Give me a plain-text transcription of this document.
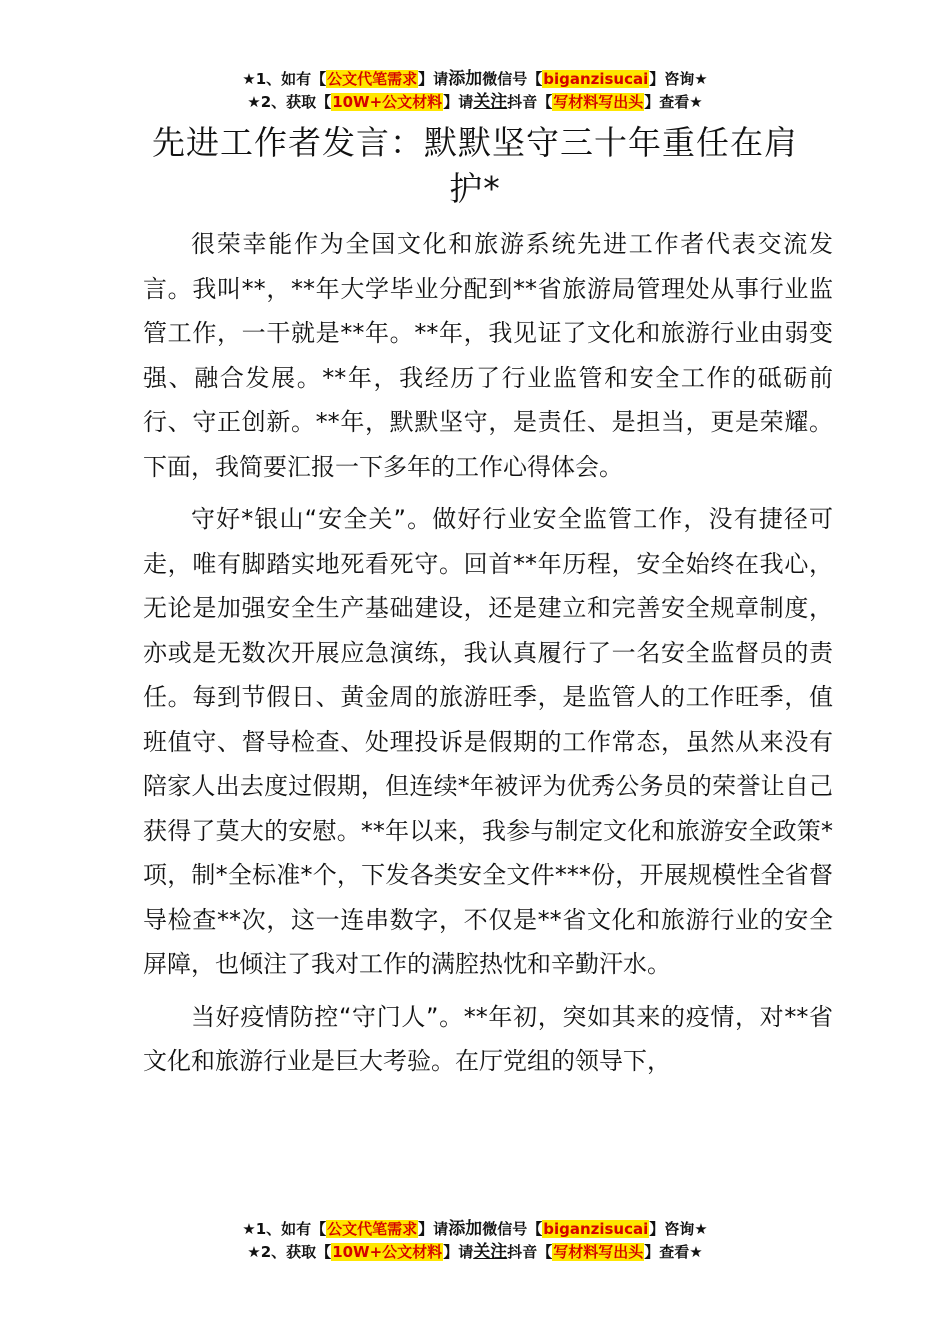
★1、如有【公文代笔需求】请添加微信号【biganzisucai】咨询★
★2、获取【10W+公文材料】请关注抖音【写材料写出头】查看★
先进工作者发言：默默坚守三十年重任在肩护*

很荣幸能作为全国文化和旅游系统先进工作者代表交流发言。我叫**，**年大学毕业分配到**省旅游局管理处从事行业监管工作，一干就是**年。**年，我见证了文化和旅游行业由弱变强、融合发展。**年，我经历了行业监管和安全工作的砥砺前行、守正创新。**年，默默坚守，是责任、是担当，更是荣耀。下面，我简要汇报一下多年的工作心得体会。

守好*银山“安全关”。做好行业安全监管工作，没有捷径可走，唯有脚踏实地死看死守。回首**年历程，安全始终在我心，无论是加强安全生产基础建设，还是建立和完善安全规章制度，亦或是无数次开展应急演练，我认真履行了一名安全监督员的责任。每到节假日、黄金周的旅游旺季，是监管人的工作旺季，值班值守、督导检查、处理投诉是假期的工作常态，虽然从来没有陪家人出去度过假期，但连续*年被评为优秀公务员的荣誉让自己获得了莫大的安慰。**年以来，我参与制定文化和旅游安全政策*项，制*全标准*个，下发各类安全文件***份，开展规模性全省督导检查**次，这一连串数字，不仅是**省文化和旅游行业的安全屏障，也倾注了我对工作的满腔热忱和辛勤汗水。

当好疫情防控“守门人”。**年初，突如其来的疫情，对**省文化和旅游行业是巨大考验。在厅党组的领导下，

★1、如有【公文代笔需求】请添加微信号【biganzisucai】咨询★
★2、获取【10W+公文材料】请关注抖音【写材料写出头】查看★
